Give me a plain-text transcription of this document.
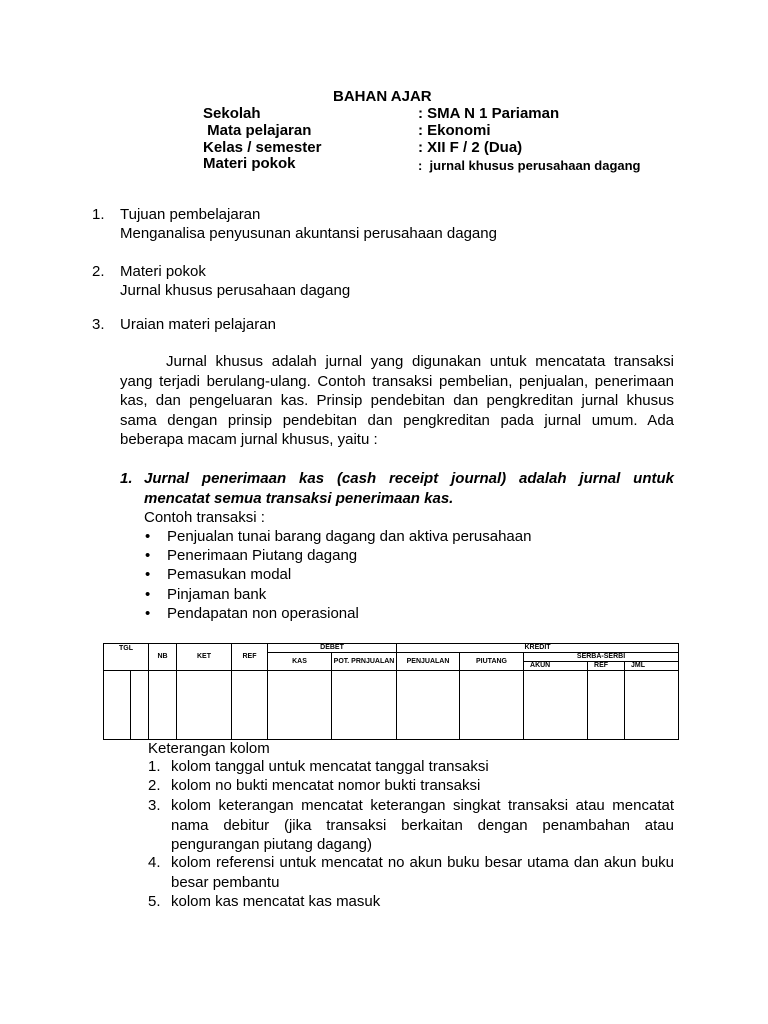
BAHAN AJAR
Sekolah	: SMA N 1 Pariaman
Mata pelajaran	: Ekonomi
Kelas / semester	: XII F / 2 (Dua)
Materi pokok	:  jurnal khusus perusahaan dagang
1. Tujuan pembelajaran
Menganalisa penyusunan akuntansi perusahaan dagang
2. Materi pokok
Jurnal khusus perusahaan dagang
3. Uraian materi pelajaran
Jurnal khusus adalah jurnal yang digunakan untuk mencatata transaksi yang terjadi berulang-ulang. Contoh transaksi pembelian, penjualan, penerimaan kas, dan pengeluaran kas. Prinsip pendebitan dan pengkreditan jurnal khusus sama dengan prinsip pendebitan dan pengkreditan pada jurnal umum. Ada beberapa macam jurnal khusus, yaitu :
1. Jurnal penerimaan kas (cash receipt journal) adalah jurnal untuk mencatat semua transaksi penerimaan kas.
Contoh transaksi :
• Penjualan tunai barang dagang dan aktiva perusahaan
• Penerimaan Piutang dagang
• Pemasukan modal
• Pinjaman bank
• Pendapatan non operasional
TGL		NB	KET	REF	DEBET		KREDIT				
					KAS	POT. PRNJUALAN	PENJUALAN	PIUTANG	SERBA-SERBI		
									AKUN	REF	JML

Keterangan kolom
1. kolom tanggal untuk mencatat tanggal transaksi
2. kolom no bukti mencatat nomor bukti transaksi
3. kolom keterangan mencatat keterangan singkat transaksi atau mencatat nama debitur (jika transaksi berkaitan dengan penambahan atau pengurangan piutang dagang)
4. kolom referensi untuk mencatat no akun buku besar utama dan akun buku besar pembantu
5. kolom kas mencatat kas masuk
